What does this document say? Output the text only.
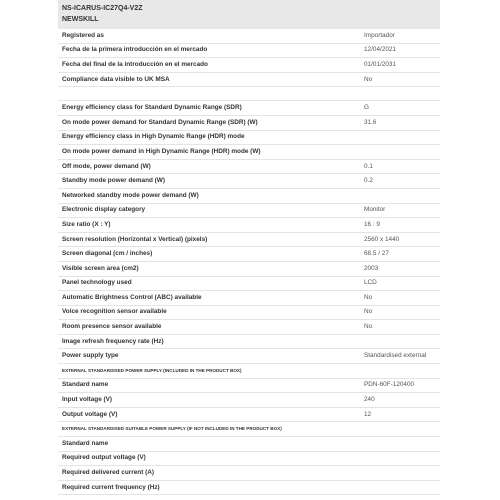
NS-ICARUS-IC27Q4-V2Z
NEWSKILL
Registered as	Importador
Fecha de la primera introducción en el mercado	12/04/2021
Fecha del final de la introducción en el mercado	01/01/2031
Compliance data visible to UK MSA	No
Energy efficiency class for Standard Dynamic Range (SDR)	G
On mode power demand for Standard Dynamic Range (SDR) (W)	31.6
Energy efficiency class in High Dynamic Range (HDR) mode
On mode power demand in High Dynamic Range (HDR) mode (W)
Off mode, power demand (W)	0.1
Standby mode power demand (W)	0.2
Networked standby mode power demand (W)
Electronic display category	Monitor
Size ratio (X : Y)	16 : 9
Screen resolution (Horizontal x Vertical) (pixels)	2560 x 1440
Screen diagonal (cm / inches)	68.5 / 27
Visible screen area (cm2)	2003
Panel technology used	LCD
Automatic Brightness Control (ABC) available	No
Voice recognition sensor available	No
Room presence sensor available	No
Image refresh frequency rate (Hz)
Power supply type	Standardised external
EXTERNAL STANDARDISED POWER SUPPLY (INCLUDED IN THE PRODUCT BOX)
Standard name	PDN-60F-120400
Input voltage (V)	240
Output voltage (V)	12
EXTERNAL STANDARDISED SUITABLE POWER SUPPLY (IF NOT INCLUDED IN THE PRODUCT BOX)
Standard name
Required output voltage (V)
Required delivered current (A)
Required current frequency (Hz)
